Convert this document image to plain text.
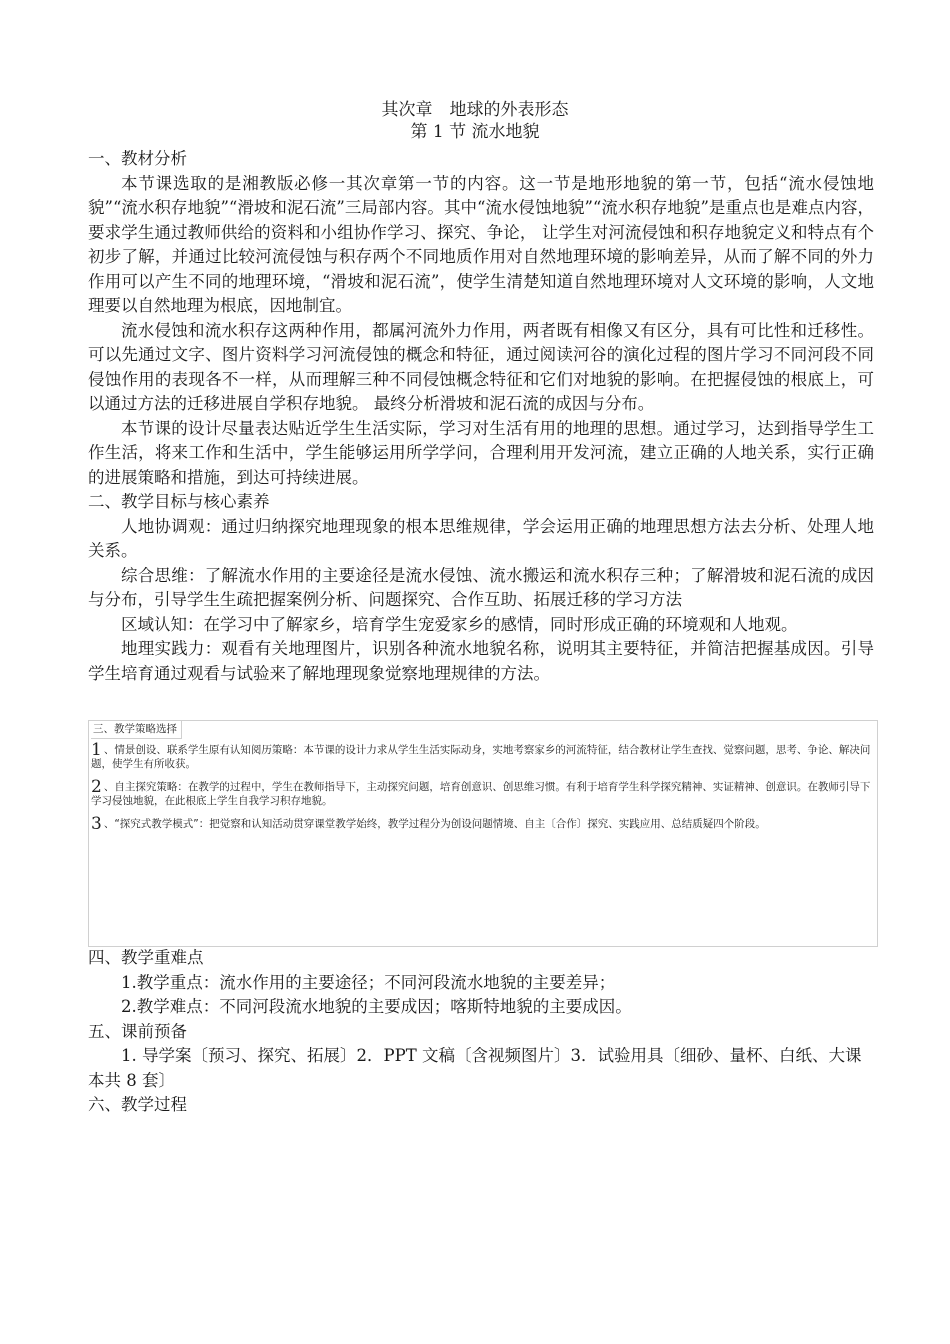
其次章　地球的外表形态
第 1 节 流水地貌

一、教材分析

本节课选取的是湘教版必修一其次章第一节的内容。这一节是地形地貌的第一节，包括“流水侵蚀地貌”“流水积存地貌”“滑坡和泥石流”三局部内容。其中“流水侵蚀地貌”“流水积存地貌”是重点也是难点内容，要求学生通过教师供给的资料和小组协作学习、探究、争论， 让学生对河流侵蚀和积存地貌定义和特点有个初步了解，并通过比较河流侵蚀与积存两个不同地质作用对自然地理环境的影响差异，从而了解不同的外力作用可以产生不同的地理环境，“滑坡和泥石流”，使学生清楚知道自然地理环境对人文环境的影响，人文地理要以自然地理为根底，因地制宜。

流水侵蚀和流水积存这两种作用，都属河流外力作用，两者既有相像又有区分，具有可比性和迁移性。可以先通过文字、图片资料学习河流侵蚀的概念和特征，通过阅读河谷的演化过程的图片学习不同河段不同侵蚀作用的表现各不一样，从而理解三种不同侵蚀概念特征和它们对地貌的影响。在把握侵蚀的根底上，可以通过方法的迁移进展自学积存地貌。 最终分析滑坡和泥石流的成因与分布。

本节课的设计尽量表达贴近学生生活实际，学习对生活有用的地理的思想。通过学习，达到指导学生工作生活，将来工作和生活中，学生能够运用所学学问，合理利用开发河流，建立正确的人地关系，实行正确的进展策略和措施，到达可持续进展。

二、教学目标与核心素养

人地协调观：通过归纳探究地理现象的根本思维规律，学会运用正确的地理思想方法去分析、处理人地关系。

综合思维：了解流水作用的主要途径是流水侵蚀、流水搬运和流水积存三种；了解滑坡和泥石流的成因与分布，引导学生生疏把握案例分析、问题探究、合作互助、拓展迁移的学习方法

区域认知：在学习中了解家乡，培育学生宠爱家乡的感情，同时形成正确的环境观和人地观。

地理实践力：观看有关地理图片，识别各种流水地貌名称，说明其主要特征，并简洁把握基成因。引导学生培育通过观看与试验来了解地理现象觉察地理规律的方法。

三、教学策略选择

1 、情景创设、联系学生原有认知阅历策略：本节课的设计力求从学生生活实际动身，实地考察家乡的河流特征，结合教材让学生查找、觉察问题，思考、争论、解决问题，使学生有所收获。

2 、自主探究策略：在教学的过程中，学生在教师指导下，主动探究问题，培育创意识、创思维习惯。有利于培育学生科学探究精神、实证精神、创意识。在教师引导下学习侵蚀地貌，在此根底上学生自我学习积存地貌。

3 、“探究式教学模式”：把觉察和认知活动贯穿课堂教学始终，教学过程分为创设问题情境、自主〔合作〕探究、实践应用、总结质疑四个阶段。

四、教学重难点

1.教学重点：流水作用的主要途径；不同河段流水地貌的主要差异；

2.教学难点：不同河段流水地貌的主要成因；喀斯特地貌的主要成因。

五、课前预备

1. 导学案〔预习、探究、拓展〕2．PPT 文稿〔含视频图片〕3．试验用具〔细砂、量杯、白纸、大课本共 8 套〕

六、教学过程
